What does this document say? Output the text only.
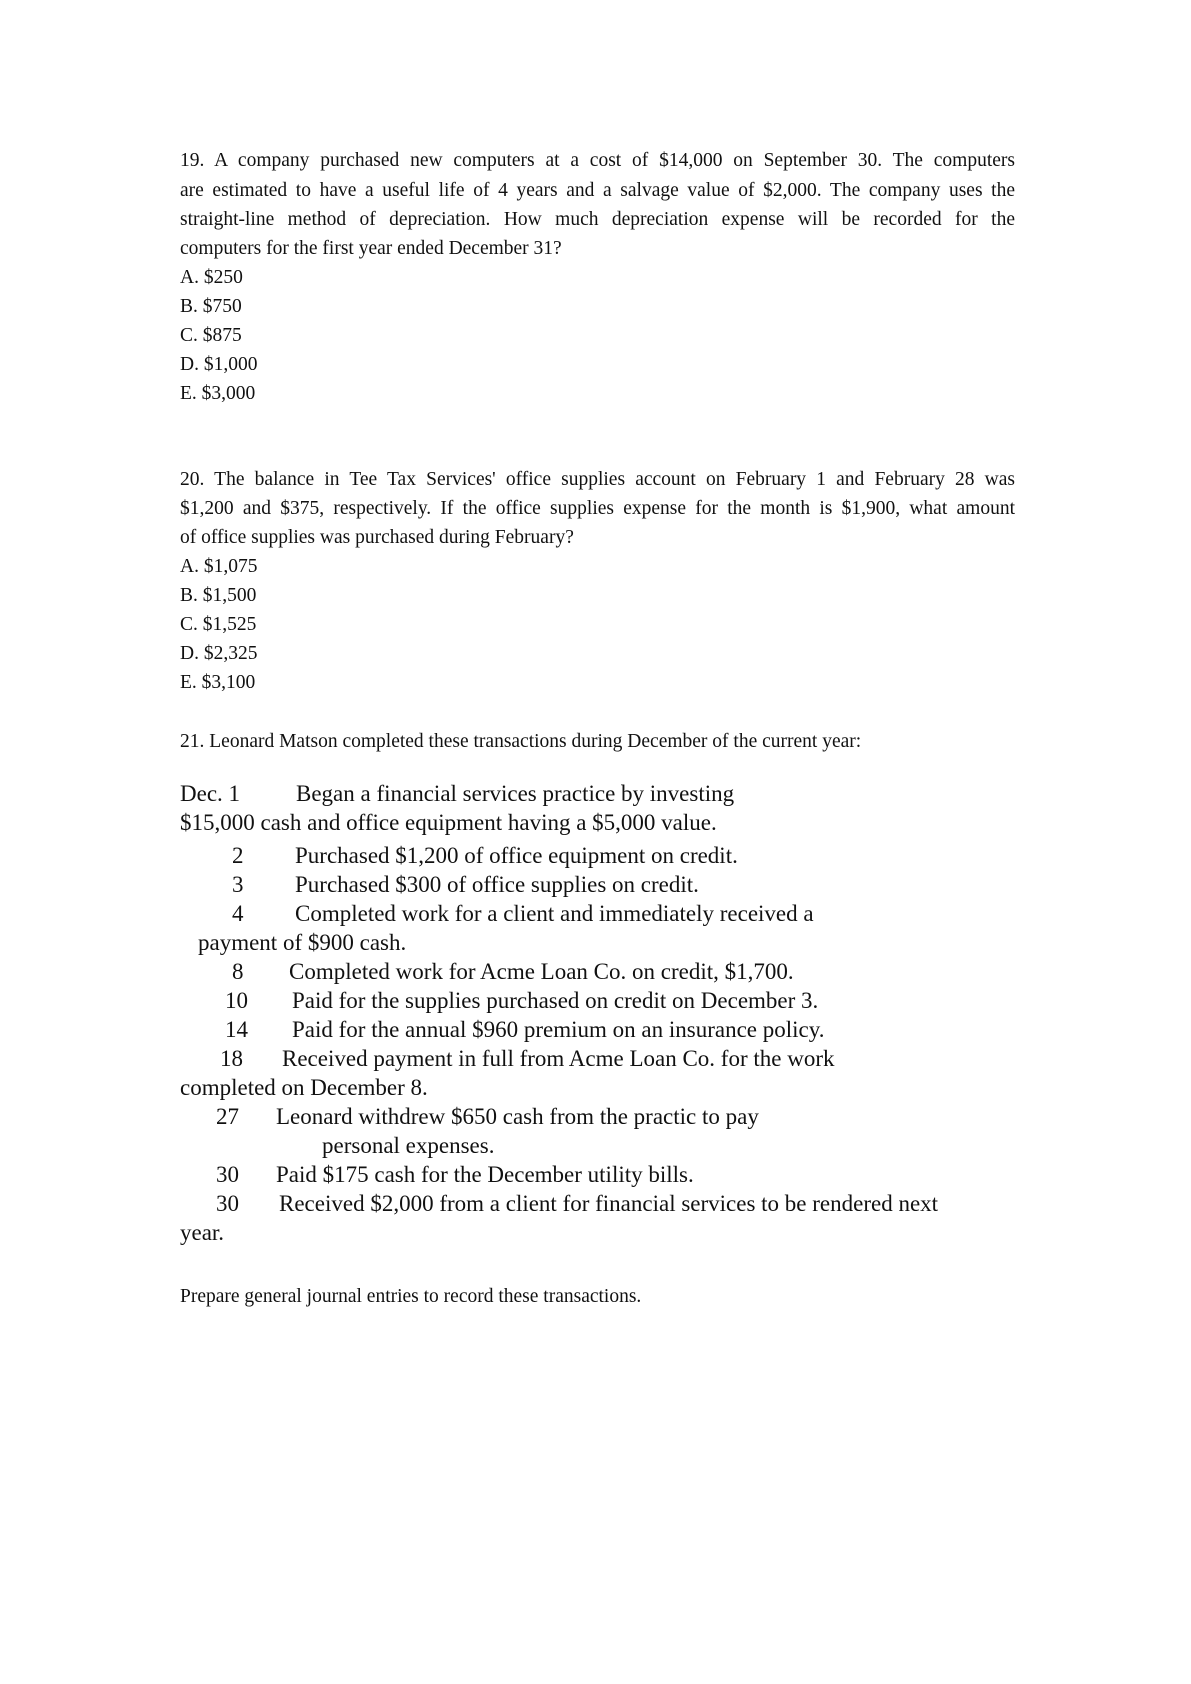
19. A company purchased new computers at a cost of $14,000 on September 30. The computers
are estimated to have a useful life of 4 years and a salvage value of $2,000. The company uses the
straight-line method of depreciation. How much depreciation expense will be recorded for the
computers for the first year ended December 31?
A. $250
B. $750
C. $875
D. $1,000
E. $3,000
20. The balance in Tee Tax Services' office supplies account on February 1 and February 28 was
$1,200 and $375, respectively. If the office supplies expense for the month is $1,900, what amount
of office supplies was purchased during February?
A. $1,075
B. $1,500
C. $1,525
D. $2,325
E. $3,100
21. Leonard Matson completed these transactions during December of the current year:
Dec. 1 Began a financial services practice by investing
$15,000 cash and office equipment having a $5,000 value.
2 Purchased $1,200 of office equipment on credit.
3 Purchased $300 of office supplies on credit.
4 Completed work for a client and immediately received a
payment of $900 cash.
8 Completed work for Acme Loan Co. on credit, $1,700.
10 Paid for the supplies purchased on credit on December 3.
14 Paid for the annual $960 premium on an insurance policy.
18 Received payment in full from Acme Loan Co. for the work
completed on December 8.
27 Leonard withdrew $650 cash from the practic to pay
personal expenses.
30 Paid $175 cash for the December utility bills.
30 Received $2,000 from a client for financial services to be rendered next
year.
Prepare general journal entries to record these transactions.
